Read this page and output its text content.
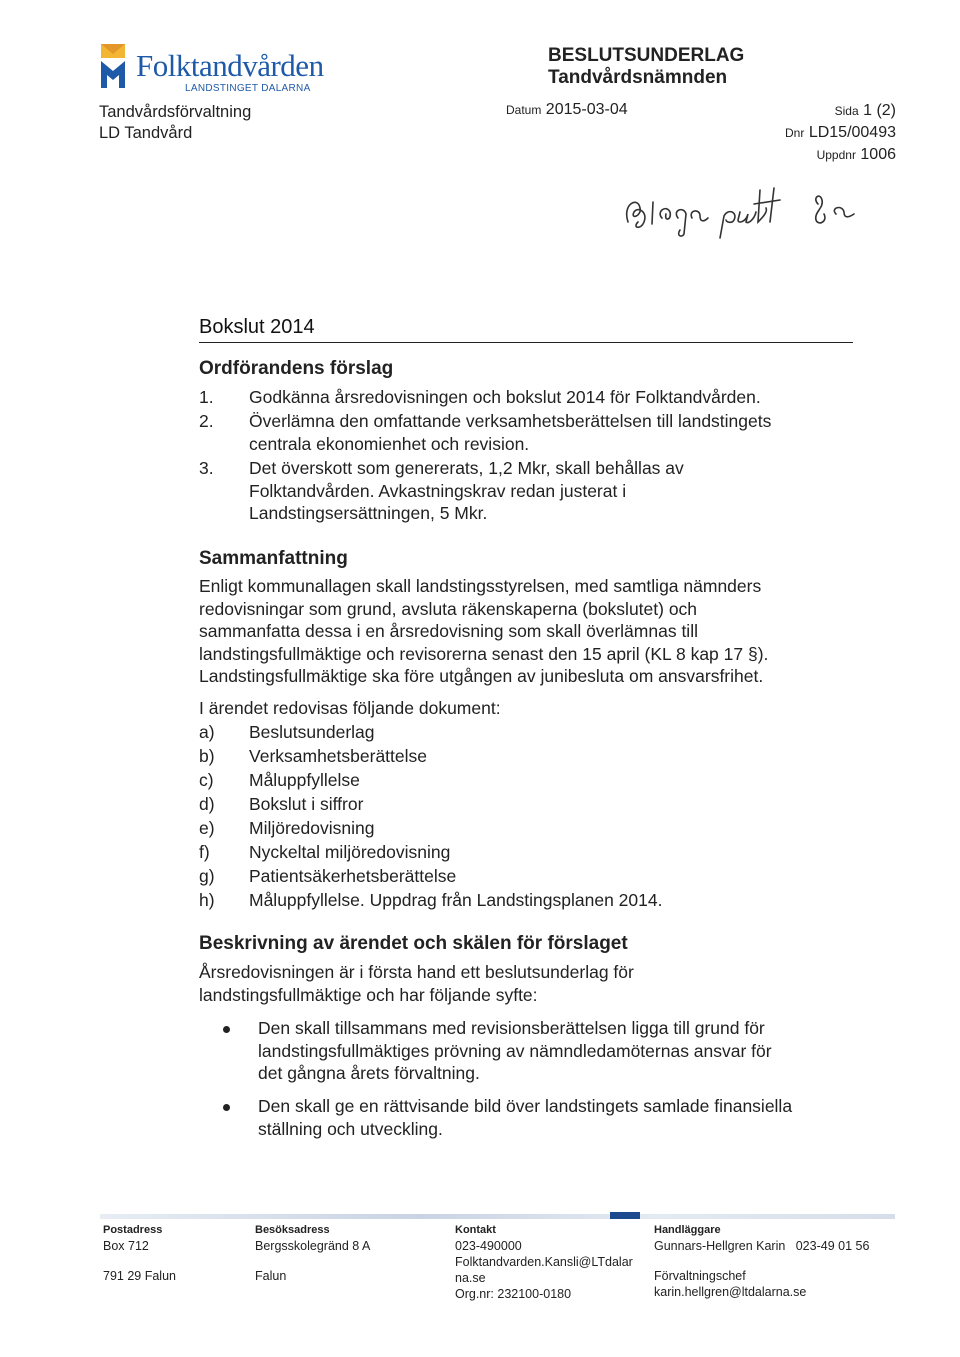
Folktandvården
LANDSTINGET DALARNA
Tandvårdsförvaltning
LD Tandvård
BESLUTSUNDERLAG
Tandvårdsnämnden
Datum 2015-03-04	Sida 1 (2)
Dnr LD15/00493
Uppdnr 1006
Bokslut 2014
Ordförandens förslag
1.	Godkänna årsredovisningen och bokslut 2014 för Folktandvården.
2.	Överlämna den omfattande verksamhetsberättelsen till landstingets
centrala ekonomienhet och revision.
3.	Det överskott som genererats, 1,2 Mkr, skall behållas av
Folktandvården. Avkastningskrav redan justerat i
Landstingsersättningen, 5 Mkr.
Sammanfattning
Enligt kommunallagen skall landstingsstyrelsen, med samtliga nämnders
redovisningar som grund, avsluta räkenskaperna (bokslutet) och
sammanfatta dessa i en årsredovisning som skall överlämnas till
landstingsfullmäktige och revisorerna senast den 15 april (KL 8 kap 17 §).
Landstingsfullmäktige ska före utgången av junibesluta om ansvarsfrihet.
I ärendet redovisas följande dokument:
a) Beslutsunderlag
b) Verksamhetsberättelse
c) Måluppfyllelse
d) Bokslut i siffror
e) Miljöredovisning
f) Nyckeltal miljöredovisning
g) Patientsäkerhetsberättelse
h) Måluppfyllelse. Uppdrag från Landstingsplanen 2014.
Beskrivning av ärendet och skälen för förslaget
Årsredovisningen är i första hand ett beslutsunderlag för
landstingsfullmäktige och har följande syfte:
Den skall tillsammans med revisionsberättelsen ligga till grund för
landstingsfullmäktiges prövning av nämndledamöternas ansvar för
det gångna årets förvaltning.
Den skall ge en rättvisande bild över landstingets samlade finansiella
ställning och utveckling.
Postadress
Box 712
791 29 Falun
Besöksadress
Bergsskolegränd 8 A
Falun
Kontakt
023-490000
Folktandvarden.Kansli@LTdalar
na.se
Org.nr: 232100-0180
Handläggare
Gunnars-Hellgren Karin 023-49 01 56
Förvaltningschef
karin.hellgren@ltdalarna.se
